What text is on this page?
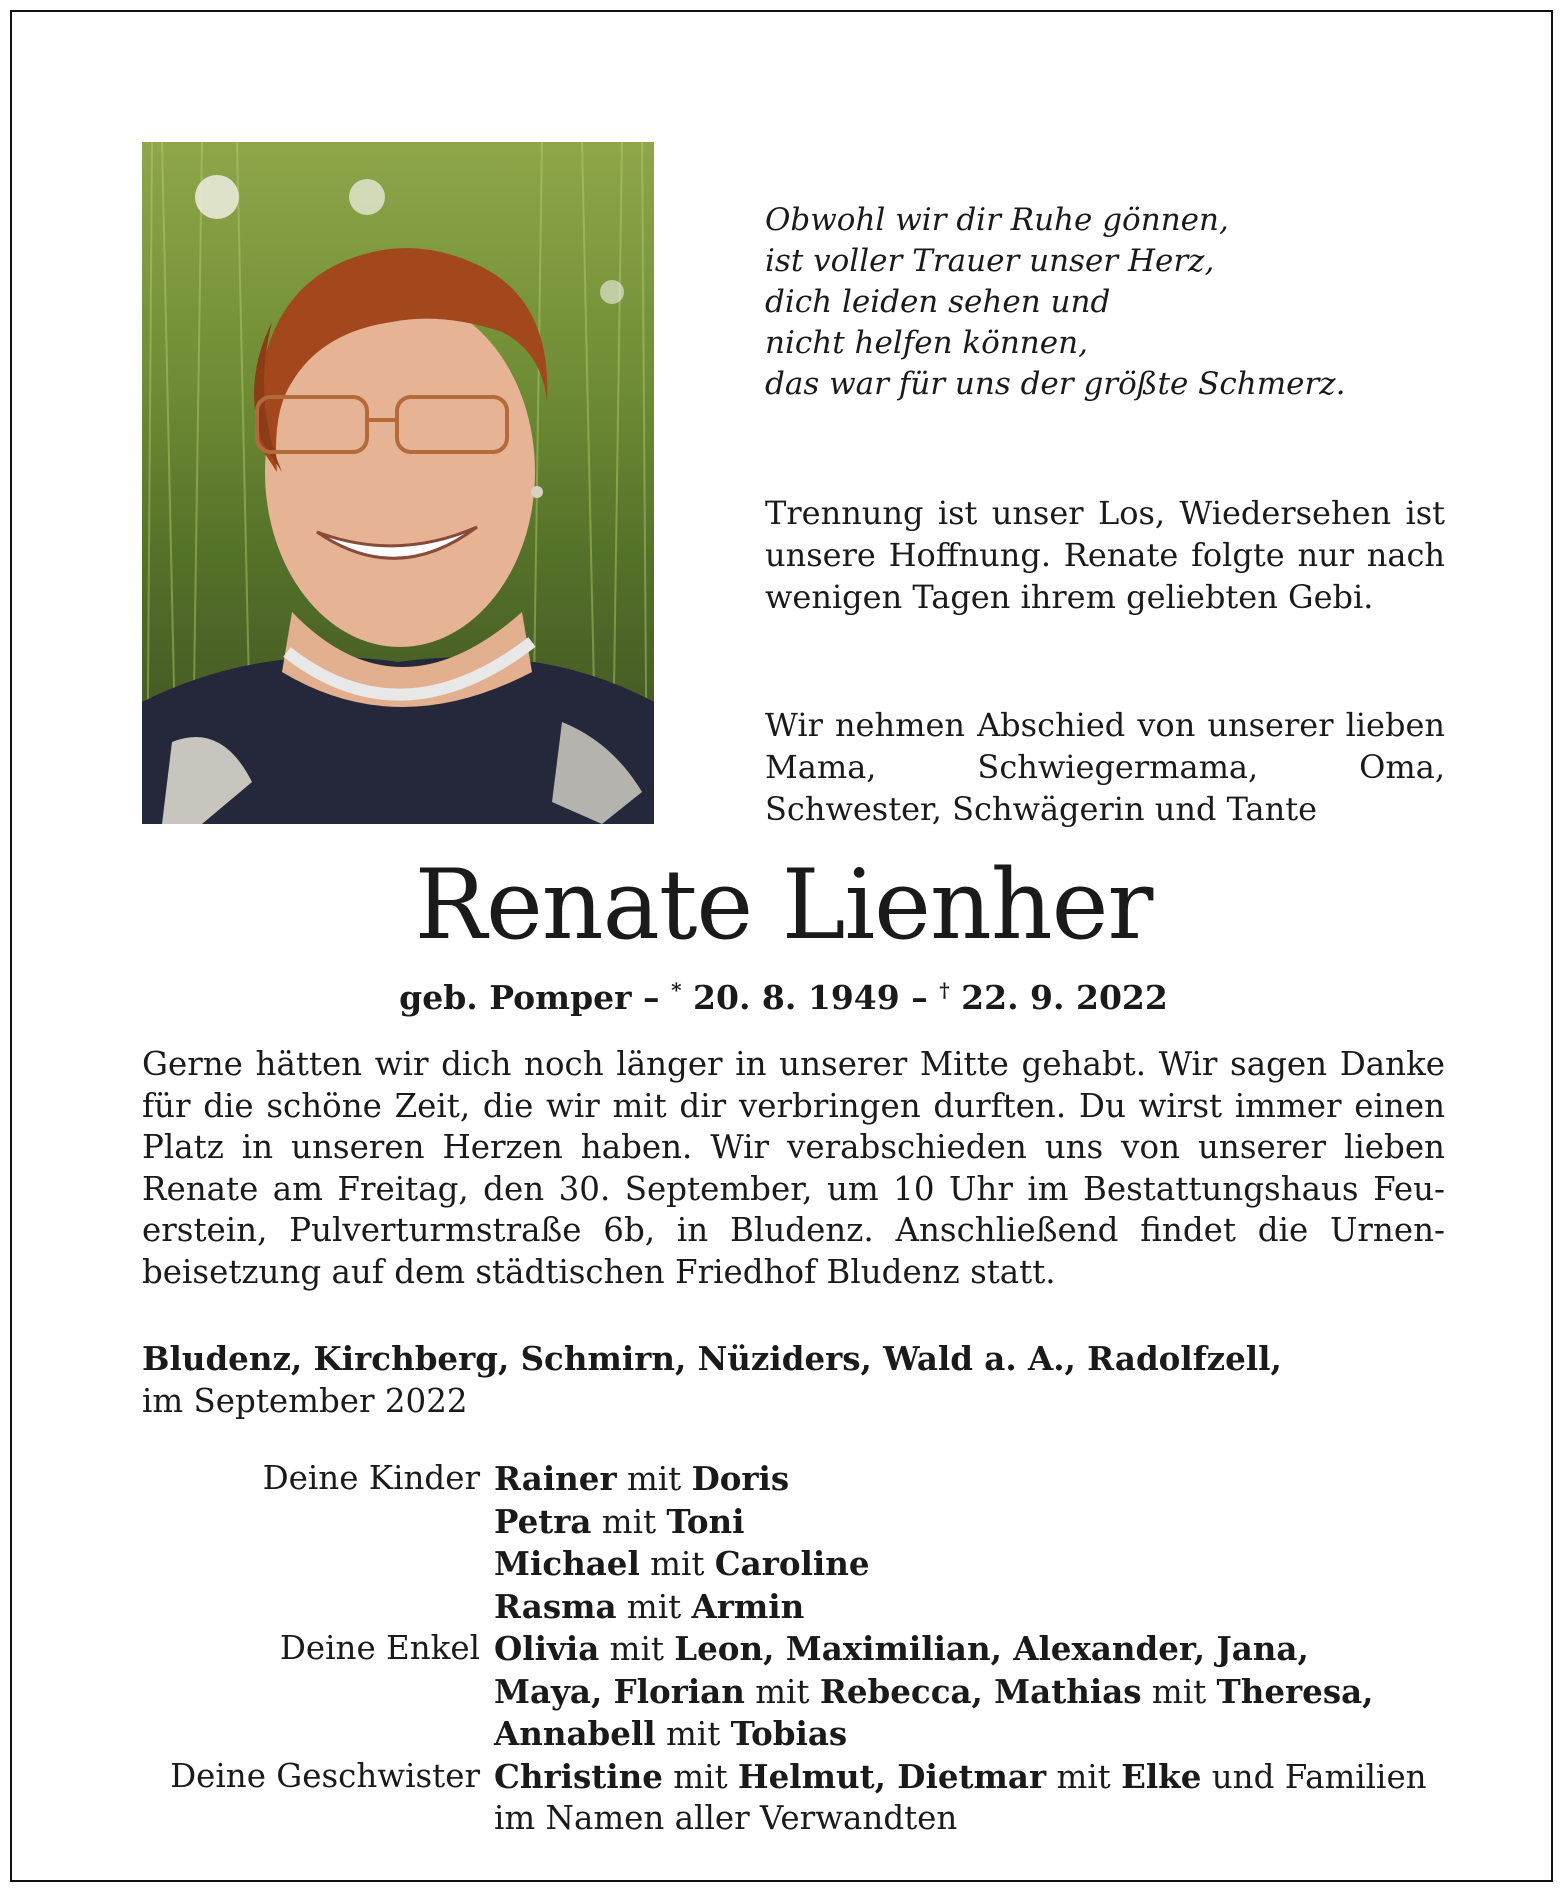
Obwohl wir dir Ruhe gönnen,
ist voller Trauer unser Herz,
dich leiden sehen und
nicht helfen können,
das war für uns der größte Schmerz.

Trennung ist unser Los, Wiedersehen ist unsere Hoffnung. Renate folgte nur nach wenigen Tagen ihrem geliebten Gebi.

Wir nehmen Abschied von unserer lieben Mama, Schwiegermama, Oma, Schwester, Schwägerin und Tante

Renate Lienher
geb. Pomper – * 20. 8. 1949 – † 22. 9. 2022

Gerne hätten wir dich noch länger in unserer Mitte gehabt. Wir sagen Danke
für die schöne Zeit, die wir mit dir verbringen durften. Du wirst immer einen
Platz in unseren Herzen haben. Wir verabschieden uns von unserer lieben
Renate am Freitag, den 30. September, um 10 Uhr im Bestattungshaus Feu-
erstein, Pulverturmstraße 6b, in Bludenz. Anschließend findet die Urnen-
beisetzung auf dem städtischen Friedhof Bludenz statt.

Bludenz, Kirchberg, Schmirn, Nüziders, Wald a. A., Radolfzell,
im September 2022
Deine Kinder Rainer mit Doris
Petra mit Toni
Michael mit Caroline
Rasma mit Armin
Deine Enkel Olivia mit Leon, Maximilian, Alexander, Jana,
Maya, Florian mit Rebecca, Mathias mit Theresa,
Annabell mit Tobias
Deine Geschwister Christine mit Helmut, Dietmar mit Elke und Familien
im Namen aller Verwandten
